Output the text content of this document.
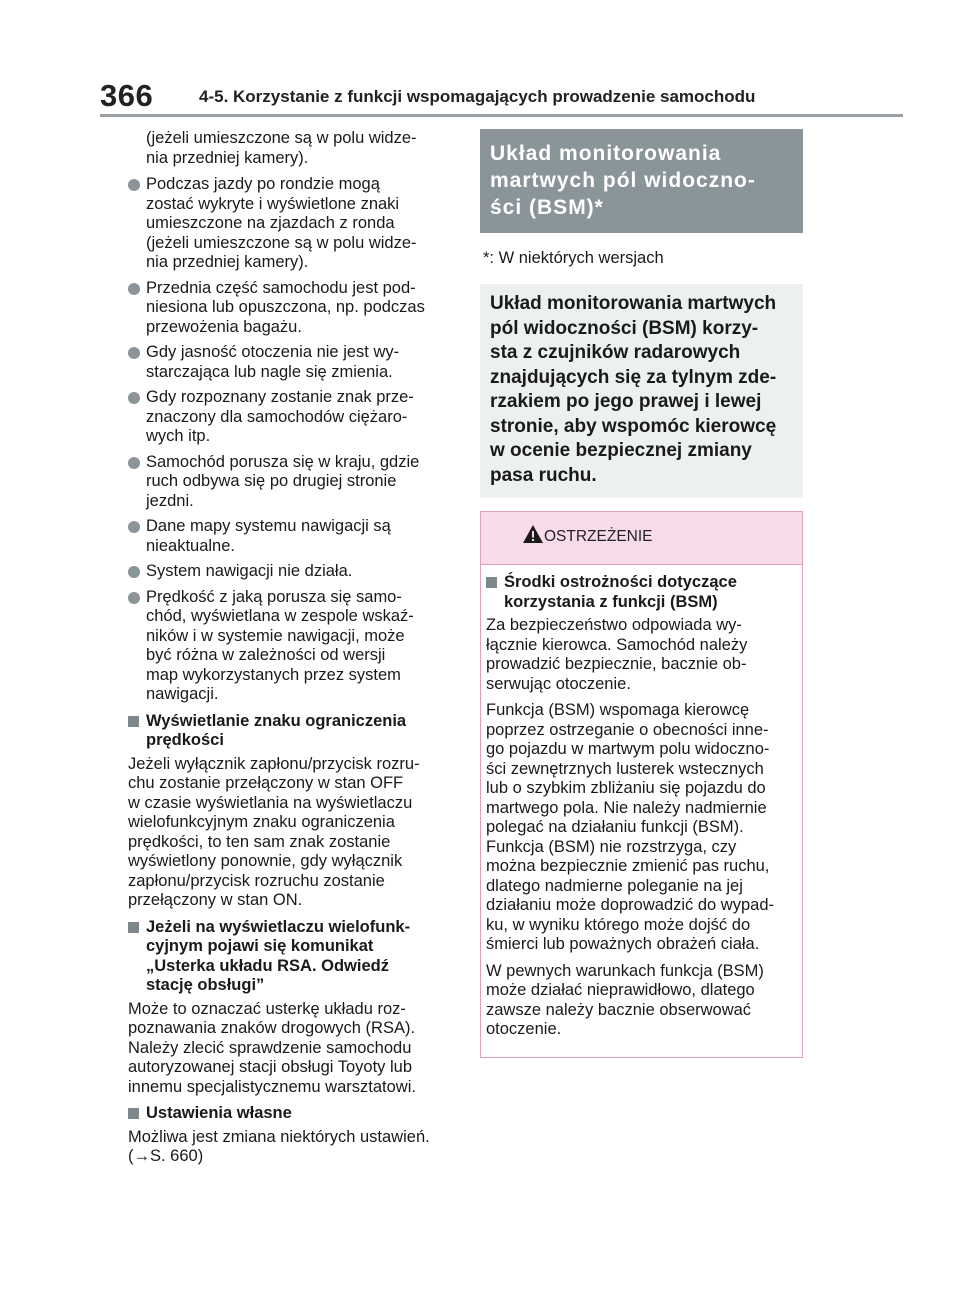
366	4-5. Korzystanie z funkcji wspomagających prowadzenie samochodu
(jeżeli umieszczone są w polu widze-
nia przedniej kamery).
Podczas jazdy po rondzie mogą
zostać wykryte i wyświetlone znaki
umieszczone na zjazdach z ronda
(jeżeli umieszczone są w polu widze-
nia przedniej kamery).
Przednia część samochodu jest pod-
niesiona lub opuszczona, np. podczas
przewożenia bagażu.
Gdy jasność otoczenia nie jest wy-
starczająca lub nagle się zmienia.
Gdy rozpoznany zostanie znak prze-
znaczony dla samochodów ciężaro-
wych itp.
Samochód porusza się w kraju, gdzie
ruch odbywa się po drugiej stronie
jezdni.
Dane mapy systemu nawigacji są
nieaktualne.
System nawigacji nie działa.
Prędkość z jaką porusza się samo-
chód, wyświetlana w zespole wskaź-
ników i w systemie nawigacji, może
być różna w zależności od wersji
map wykorzystanych przez system
nawigacji.
Wyświetlanie znaku ograniczenia
prędkości
Jeżeli wyłącznik zapłonu/przycisk rozru-
chu zostanie przełączony w stan OFF
w czasie wyświetlania na wyświetlaczu
wielofunkcyjnym znaku ograniczenia
prędkości, to ten sam znak zostanie
wyświetlony ponownie, gdy wyłącznik
zapłonu/przycisk rozruchu zostanie
przełączony w stan ON.
Jeżeli na wyświetlaczu wielofunk-
cyjnym pojawi się komunikat
„Usterka układu RSA. Odwiedź
stację obsługi”
Może to oznaczać usterkę układu roz-
poznawania znaków drogowych (RSA).
Należy zlecić sprawdzenie samochodu
autoryzowanej stacji obsługi Toyoty lub
innemu specjalistycznemu warsztatowi.
Ustawienia własne
Możliwa jest zmiana niektórych ustawień.
(→S. 660)
Układ monitorowania
martwych pól widoczno-
ści (BSM)*
*: W niektórych wersjach
Układ monitorowania martwych
pól widoczności (BSM) korzy-
sta z czujników radarowych
znajdujących się za tylnym zde-
rzakiem po jego prawej i lewej
stronie, aby wspomóc kierowcę
w ocenie bezpiecznej zmiany
pasa ruchu.
OSTRZEŻENIE
Środki ostrożności dotyczące
korzystania z funkcji (BSM)
Za bezpieczeństwo odpowiada wy-
łącznie kierowca. Samochód należy
prowadzić bezpiecznie, bacznie ob-
serwując otoczenie.
Funkcja (BSM) wspomaga kierowcę
poprzez ostrzeganie o obecności inne-
go pojazdu w martwym polu widoczno-
ści zewnętrznych lusterek wstecznych
lub o szybkim zbliżaniu się pojazdu do
martwego pola. Nie należy nadmiernie
polegać na działaniu funkcji (BSM).
Funkcja (BSM) nie rozstrzyga, czy
można bezpiecznie zmienić pas ruchu,
dlatego nadmierne poleganie na jej
działaniu może doprowadzić do wypad-
ku, w wyniku którego może dojść do
śmierci lub poważnych obrażeń ciała.
W pewnych warunkach funkcja (BSM)
może działać nieprawidłowo, dlatego
zawsze należy bacznie obserwować
otoczenie.
